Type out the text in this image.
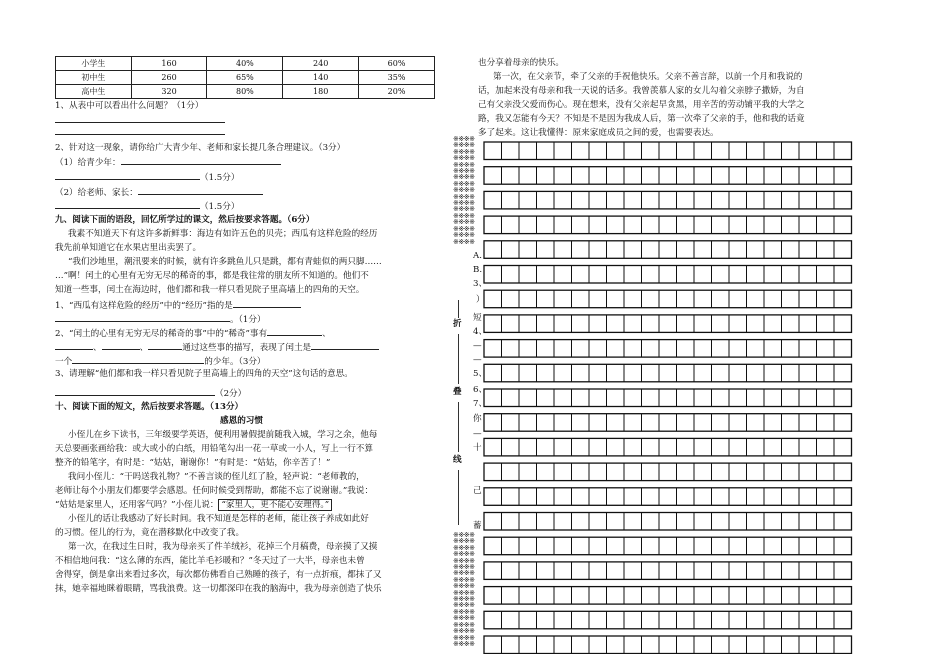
小学生	160	40%	240	60%
初中生	260	65%	140	35%
高中生	320	80%	180	20%
1、从表中可以看出什么问题？（1分）
2、针对这一现象，请你给广大青少年、老师和家长提几条合理建议。（3分）
（1）给青少年：
（1.5分）
（2）给老师、家长：
（1.5分）
九、阅读下面的语段，回忆所学过的课文，然后按要求答题。（6分）
我素不知道天下有这许多新鲜事：海边有如许五色的贝壳；西瓜有这样危险的经历
我先前单知道它在水果店里出卖罢了。
“我们沙地里，潮汛要来的时候，就有许多跳鱼儿只是跳，都有青蛙似的两只脚……
…”啊！闰土的心里有无穷无尽的稀奇的事，都是我往常的朋友所不知道的。他们不
知道一些事，闰土在海边时，他们都和我一样只看见院子里高墙上的四角的天空。
1、“西瓜有这样危险的经历”中的“经历”指的是
。（1分）
2、“闰土的心里有无穷无尽的稀奇的事”中的“稀奇”事有	、
、	、	通过这些事的描写，表现了闰土是
一个	的少年。（3分）
3、请理解“他们都和我一样只看见院子里高墙上的四角的天空”这句话的意思。
（2分）
十、阅读下面的短文，然后按要求答题。（13分）
感恩的习惯
小侄儿在乡下读书，三年级要学英语，便利用暑假提前随我入城，学习之余，他每
天总要画张画给我：或大或小的白纸，用铅笔勾出一花一草或一小人，写上一行不算
整齐的铅笔字，有时是：“姑姑，谢谢你！”有时是：“姑姑，你辛苦了！”
我问小侄儿：“干吗送我礼物？”不善言谈的侄儿红了脸，轻声说：“老师教的，
老师让每个小朋友们都要学会感恩。任何时候受到帮助，都能不忘了说谢谢。”我说：
“姑姑是家里人，还用客气吗？”小侄儿说： “家里人，更不能心安理得。”
小侄儿的话让我感动了好长时间。我不知道是怎样的老师，能让孩子养成如此好
的习惯。侄儿的行为，竟在潜移默化中改变了我。
第一次，在我过生日时，我为母亲买了件羊绒衫，花掉三个月稿费，母亲摸了又摸
不相信地问我：“这么薄的东西，能比羊毛衫暖和？”冬天过了一大半，母亲也未曾
舍得穿，倒是拿出来看过多次，每次都仿佛看自己熟睡的孩子，有一点折痕，都抹了又
抹，她幸福地眯着眼睛，骂我浪费。这一切都深印在我的脑海中，我为母亲创造了快乐
也分享着母亲的快乐。
第一次，在父亲节，牵了父亲的手祝他快乐。父亲不善言辞，以前一个月和我说的
话，加起来没有母亲和我一天说的话多。我曾羡慕人家的女儿勾着父亲脖子撒娇，为自
己有父亲没父爱而伤心。现在想来，没有父亲起早贪黑，用辛苦的劳动铺平我的大学之
路，我又怎能有今天？不知是不是因为我成人后，第一次牵了父亲的手，他和我的话竟
多了起来。这让我懂得：原来家庭成员之间的爱，也需要表达。
※※※※
※※※※
※※※※
※※※※
※※※※
※※※※
※※※※
※※※※
※※※※
※※※※
※※※※
※※※※
※※※※
※※※※
※※※※
※※※※
※※※※
※※※※
※※※※
※※※※
※※※※
※※※※
※※※※
※※※※
※※※※
※※※※
※※※※
※※※※
※※※※
※※※※
※※※※
※※※※
※※※※
※※※※
※※※※
A.
B.
3、
）
短
4、
—
—
5、
6、
7、
你
—
十
己
蓄
折
叠
线
